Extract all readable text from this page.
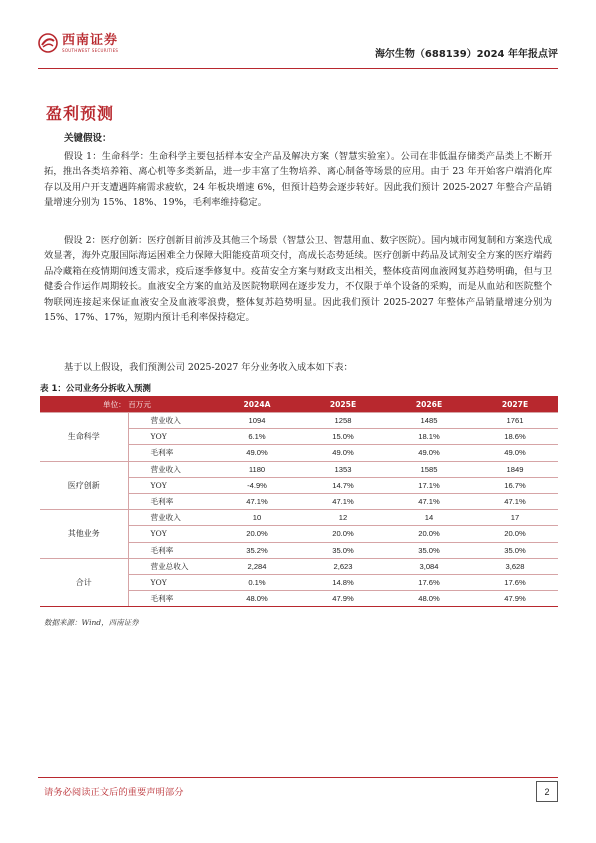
西南证券
SOUTHWEST SECURITIES	海尔生物（688139）2024 年年报点评
盈利预测
关键假设：

假设 1：生命科学：生命科学主要包括样本安全产品及解决方案（智慧实验室）。公司在非低温存储类产品类上不断开拓，推出各类培养箱、离心机等多类新品，进一步丰富了生物培养、离心制备等场景的应用。由于 23 年开始客户端消化库存以及用户开支遭遇阵痛需求疲软，24 年板块增速 6%，但预计趋势会逐步转好。因此我们预计 2025-2027 年整合产品销量增速分别为 15%、18%、19%，毛利率维持稳定。

假设 2：医疗创新：医疗创新目前涉及其他三个场景（智慧公卫、智慧用血、数字医院）。国内城市网复制和方案迭代成效显著，海外克服国际海运困难全力保障大阳能疫苗项交付，高成长态势延续。医疗创新中药品及试剂安全方案的医疗端药品冷藏箱在疫情期间透支需求，疫后逐季修复中。疫苗安全方案与财政支出相关，整体疫苗网血液网复苏趋势明确，但与卫健委合作运作周期较长。血液安全方案的血站及医院物联网在逐步发力，不仅限于单个设备的采购，而是从血站和医院整个物联网连接起来保证血液安全及血液零浪费，整体复苏趋势明显。因此我们预计 2025-2027 年整体产品销量增速分别为 15%、17%、17%，短期内预计毛利率保持稳定。

基于以上假设，我们预测公司 2025-2027 年分业务收入成本如下表：

表 1：公司业务分拆收入预测
单位： 百万元		2024A	2025E	2026E	2027E
生命科学	营业收入	1094	1258	1485	1761
	YOY	6.1%	15.0%	18.1%	18.6%
	毛利率	49.0%	49.0%	49.0%	49.0%
医疗创新	营业收入	1180	1353	1585	1849
	YOY	-4.9%	14.7%	17.1%	16.7%
	毛利率	47.1%	47.1%	47.1%	47.1%
其他业务	营业收入	10	12	14	17
	YOY	20.0%	20.0%	20.0%	20.0%
	毛利率	35.2%	35.0%	35.0%	35.0%
合计	营业总收入	2,284	2,623	3,084	3,628
	YOY	0.1%	14.8%	17.6%	17.6%
	毛利率	48.0%	47.9%	48.0%	47.9%
数据来源：Wind，西南证券
请务必阅读正文后的重要声明部分	2
